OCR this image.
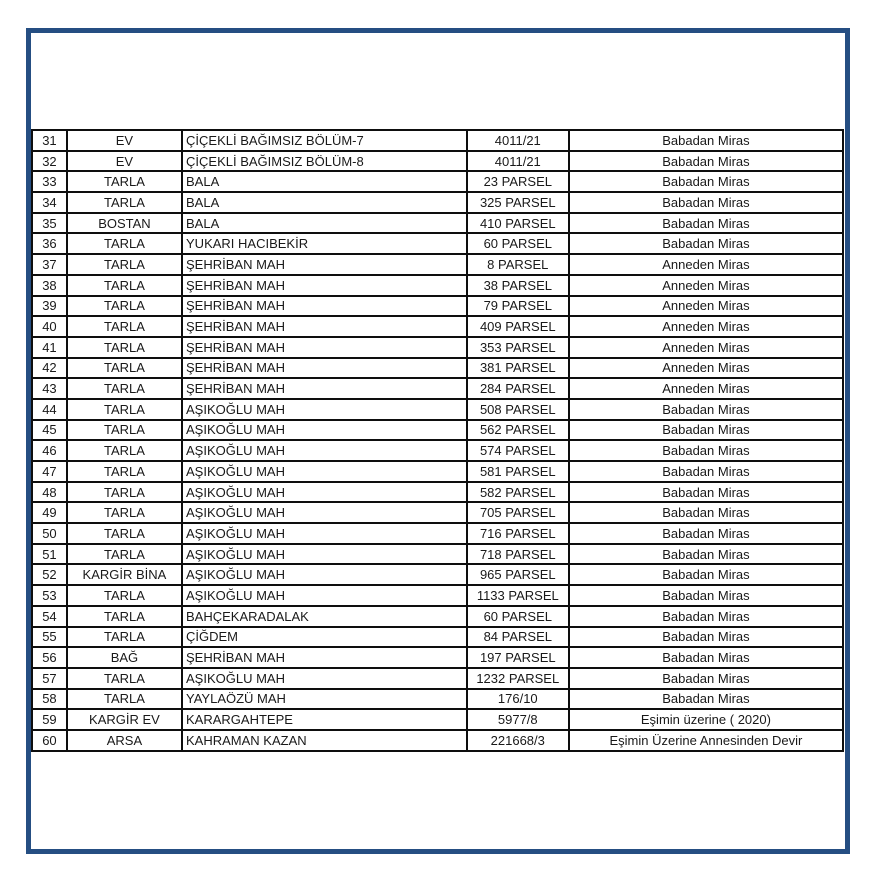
31	EV	ÇİÇEKLİ BAĞIMSIZ BÖLÜM-7	4011/21	Babadan Miras
32	EV	ÇİÇEKLİ BAĞIMSIZ BÖLÜM-8	4011/21	Babadan Miras
33	TARLA	BALA	23 PARSEL	Babadan Miras
34	TARLA	BALA	325 PARSEL	Babadan Miras
35	BOSTAN	BALA	410 PARSEL	Babadan Miras
36	TARLA	YUKARI HACIBEKİR	60 PARSEL	Babadan Miras
37	TARLA	ŞEHRİBAN MAH	8 PARSEL	Anneden Miras
38	TARLA	ŞEHRİBAN MAH	38 PARSEL	Anneden Miras
39	TARLA	ŞEHRİBAN MAH	79 PARSEL	Anneden Miras
40	TARLA	ŞEHRİBAN MAH	409 PARSEL	Anneden Miras
41	TARLA	ŞEHRİBAN MAH	353 PARSEL	Anneden Miras
42	TARLA	ŞEHRİBAN MAH	381 PARSEL	Anneden Miras
43	TARLA	ŞEHRİBAN MAH	284 PARSEL	Anneden Miras
44	TARLA	AŞIKOĞLU MAH	508 PARSEL	Babadan Miras
45	TARLA	AŞIKOĞLU MAH	562 PARSEL	Babadan Miras
46	TARLA	AŞIKOĞLU MAH	574 PARSEL	Babadan Miras
47	TARLA	AŞIKOĞLU MAH	581 PARSEL	Babadan Miras
48	TARLA	AŞIKOĞLU MAH	582 PARSEL	Babadan Miras
49	TARLA	AŞIKOĞLU MAH	705 PARSEL	Babadan Miras
50	TARLA	AŞIKOĞLU MAH	716 PARSEL	Babadan Miras
51	TARLA	AŞIKOĞLU MAH	718 PARSEL	Babadan Miras
52	KARGİR BİNA	AŞIKOĞLU MAH	965 PARSEL	Babadan Miras
53	TARLA	AŞIKOĞLU MAH	1133 PARSEL	Babadan Miras
54	TARLA	BAHÇEKARADALAK	60 PARSEL	Babadan Miras
55	TARLA	ÇİĞDEM	84 PARSEL	Babadan Miras
56	BAĞ	ŞEHRİBAN MAH	197 PARSEL	Babadan Miras
57	TARLA	AŞIKOĞLU MAH	1232 PARSEL	Babadan Miras
58	TARLA	YAYLAÖZÜ MAH	176/10	Babadan Miras
59	KARGİR EV	KARARGAHTEPE	5977/8	Eşimin üzerine ( 2020)
60	ARSA	KAHRAMAN KAZAN	221668/3	Eşimin Üzerine Annesinden Devir
